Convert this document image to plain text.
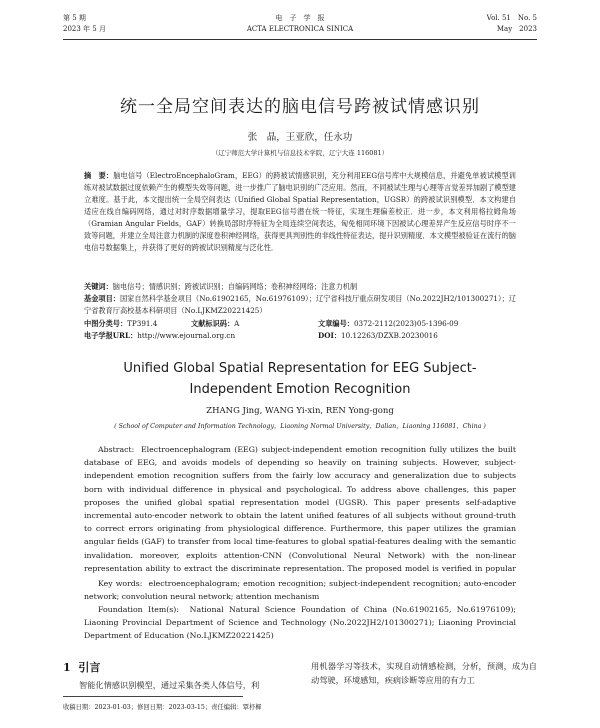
第 5 期
2023 年 5 月
电　子　学　报
ACTA ELECTRONICA SINICA
Vol. 51　No. 5
May　2023
统一全局空间表达的脑电信号跨被试情感识别
张　晶，王亚欣，任永功
（辽宁师范大学计算机与信息技术学院，辽宁大连 116081）
摘　要：脑电信号（ElectroEncephaloGram，EEG）的跨被试情感识别，充分利用EEG信号库中大规模信息，并避免单被试模型训练对被试数据过度依赖产生的模型失效等问题，进一步推广了脑电识别的广泛应用。然而，不同被试生理与心理等言觉差异加剧了模型建立难度。基于此，本文提出统一全局空间表达（Unified Global Spatial Representation，UGSR）的跨被试识别模型．本文构建自适应在线自编码网络，通过对时序数据增量学习，提取EEG信号潜在统一特征，实现生理偏差校正．进一步，本文利用格拉姆角场（Gramian Angular Fields，GAF）转换局部时序特征为全局连续空间表达，匈免相同环境下因被试心理差异产生反应信号时序不一致等问题，并建立全局注意力机制的深度卷积神经网络，获得更具判别性的非线性特征表达，提升识别精度．本文模型被验证在流行的脑电信号数据集上，并获得了更好的跨被试识别精度与泛化性．
关键词：脑电信号；情感识别；跨被试识别；自编码网络；卷积神经网络；注意力机制
基金项目：国家自然科学基金项目（No.61902165，No.61976109）；辽宁省科技厅重点研发项目（No.2022JH2/101300271）；辽宁省教育厅高校基本科研项目（No.LJKMZ20221425）
中图分类号：TP391.4	文献标识码：A	文章编号：0372-2112(2023)05-1396-09
电子学报URL：http://www.ejournal.org.cn	DOI：10.12263/DZXB.20230016
Unified Global Spatial Representation for EEG Subject-Independent Emotion Recognition
ZHANG Jing, WANG Yi-xin, REN Yong-gong
( School of Computer and Information Technology，Liaoning Normal University，Dalian，Liaoning 116081，China )
Abstract: Electroencephalogram (EEG) subject-independent emotion recognition fully utilizes the built database of EEG, and avoids models of depending so heavily on training subjects. However, subject-independent emotion recognition suffers from the fairly low accuracy and generalization due to subjects born with individual difference in physical and psychological. To address above challenges, this paper proposes the unified global spatial representation model (UGSR). This paper presents self-adaptive incremental auto-encoder network to obtain the latent unified features of all subjects without ground-truth to correct errors originating from physiological difference. Furthermore, this paper utilizes the gramian angular fields (GAF) to transfer from local time-features to global spatial-features dealing with the semantic invalidation. moreover, exploits attention-CNN (Convolutional Neural Network) with the non-linear representation ability to extract the discriminate representation. The proposed model is verified in popular
Key words: electroencephalogram; emotion recognition; subject-independent recognition; auto-encoder network; convolution neural network; attention mechanism
Foundation Item(s): National Natural Science Foundation of China (No.61902165, No.61976109); Liaoning Provincial Department of Science and Technology (No.2022JH2/101300271); Liaoning Provincial Department of Education (No.LJKMZ20221425)
1 引言
智能化情感识别模型，通过采集各类人体信号，利
用机器学习等技术，实现自动情感检测，分析，预测，成为自动驾驶，环境感知，疾病诊断等应用的有力工
收稿日期：2023-01-03；修回日期：2023-03-15；责任编辑：覃杼樨
